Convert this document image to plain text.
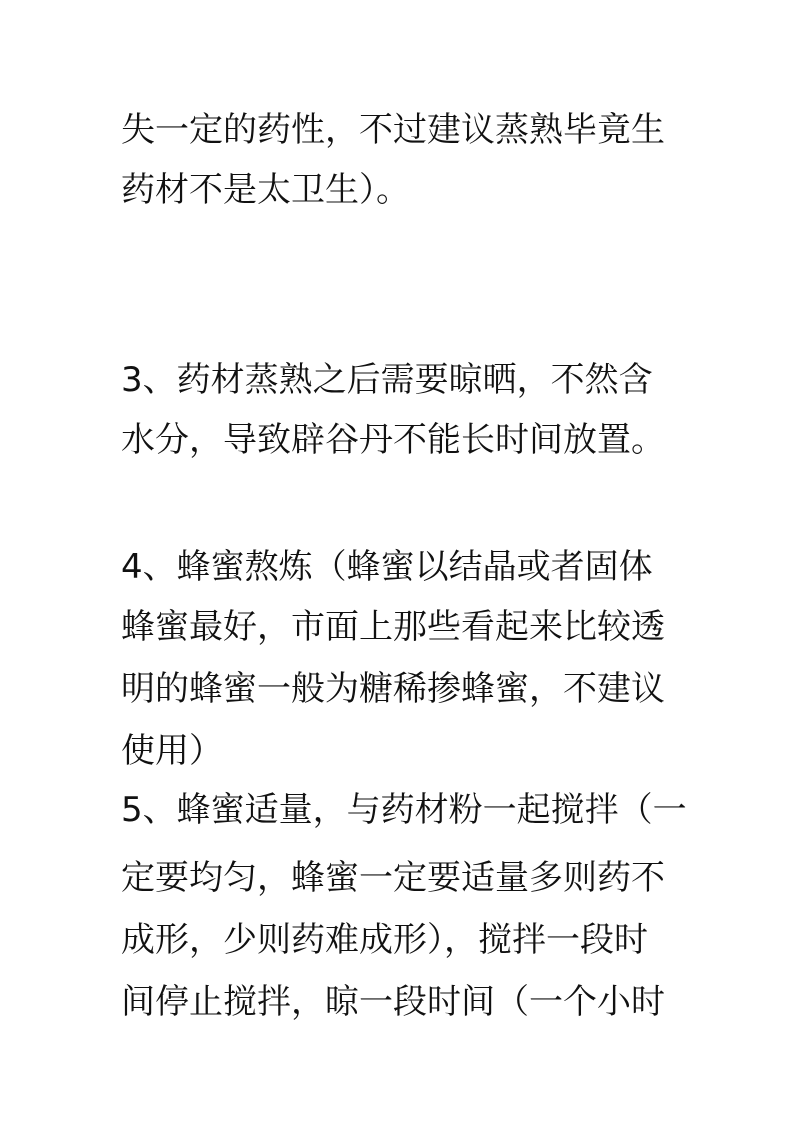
失一定的药性，不过建议蒸熟毕竟生

药材不是太卫生）。

3、药材蒸熟之后需要晾晒，不然含

水分，导致辟谷丹不能长时间放置。

4、蜂蜜熬炼（蜂蜜以结晶或者固体

蜂蜜最好，市面上那些看起来比较透

明的蜂蜜一般为糖稀掺蜂蜜，不建议

使用）

5、蜂蜜适量，与药材粉一起搅拌（一

定要均匀，蜂蜜一定要适量多则药不

成形，少则药难成形），搅拌一段时

间停止搅拌，晾一段时间（一个小时
